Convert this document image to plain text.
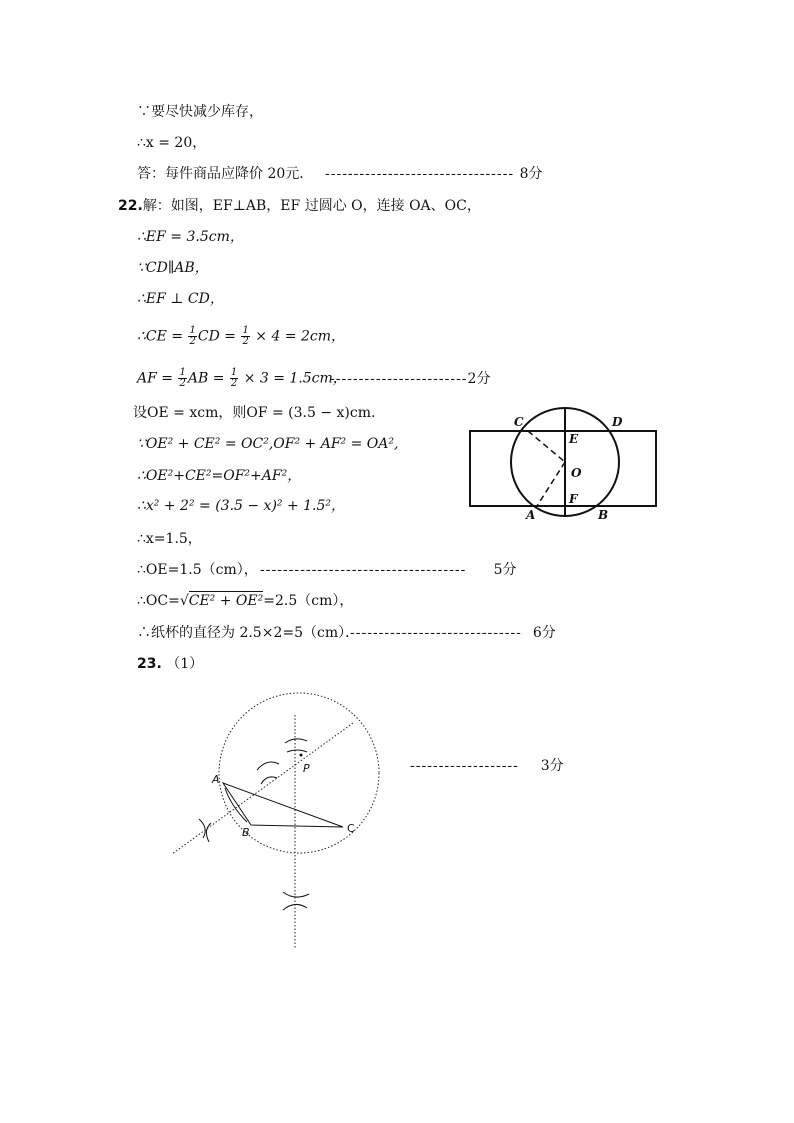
∵要尽快减少库存，
∴x = 20，
答：每件商品应降价 20元． --------------------------------- 8分
22.解：如图，EF⊥AB，EF 过圆心 O，连接 OA、OC，
∴EF = 3.5cm，
∵CD∥AB，
∴EF ⊥ CD，
∴CE = $\frac{1}{2}$ CD = $\frac{1}{2} \times 4 = 2cm$，
AF = $\frac{1}{2}$ AB = $\frac{1}{2} \times 3 = 1.5cm$，
------------------------2分
设OE = xcm，则OF = (3.5 − x)cm.
∵OE² + CE² = OC²,OF² + AF² = OA²,
∴OE²+CE²=OF²+AF²，
∴x² + 2² = (3.5 − x)² + 1.5²，
∴x=1.5，
∴OE=1.5（cm）， ------------------------------------     5分
∴OC=√CE² + OE²=2.5（cm），
∴纸杯的直径为 2.5×2=5（cm）．
------------------------------  6分
C	D
E
O
F
A	B
23. （1）
A
B	C
P	-------------------    3分
